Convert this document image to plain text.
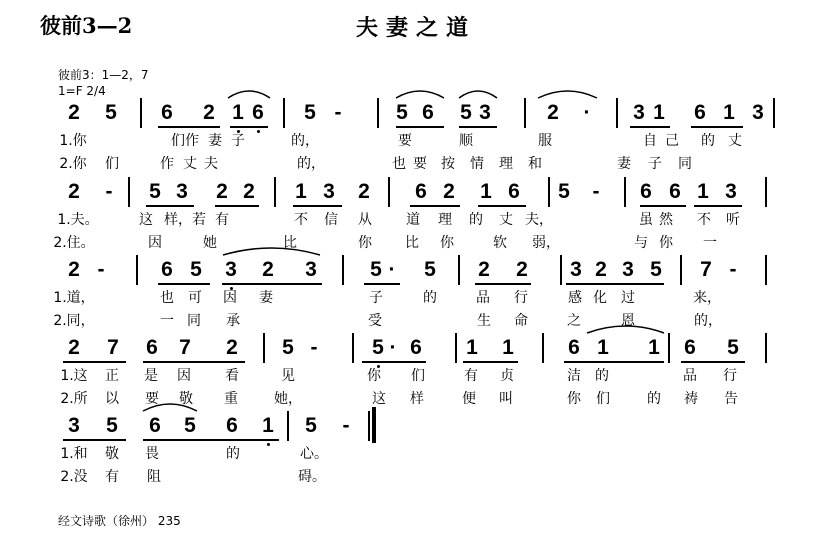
彼前3—2	夫妻之道
彼前3：1—2，7
1=F 2/4
2 5 6 2 1 6 5 -	5 6 5 3	2 · 3 1 6 1 3
1.你	们 作 妻 子	的，	要	顺	服	自 己 的 丈
2.你 们	作 丈 夫	的，	也 要 按 情 理 和	妻 子 同
2 - 5 3 2 2 1 3 2 6 2 1 6 5 - 6 6 1 3
1.夫。	这 样，若 有	不 信 从 道 理 的 丈 夫，	虽 然 不 听
2.住。	因	她	比	你 比 你	软 弱，	与 你 一
2 -	6 5 3 2 3	5 · 5 2 2 3 2 3 5 7 -
1.道，	也 可 因 妻	子	的	品 行	感 化 过	来，
2.同，	一 同 承	受	生 命	之	恩	的，
2 7 6 7 2 5 -	5 · 6 1 1	6 1 1 6 5
1.这 正 是 因 看	见	你 们	有 贞	洁 的	品 行
2.所 以 要 敬 重	她，	这 样	便 叫	你 们	的 祷 告
3 5 6 5 6 1 5 -
1.和 敬 畏	的	心。
2.没 有 阻	碍。
经文诗歌（徐州） 235
